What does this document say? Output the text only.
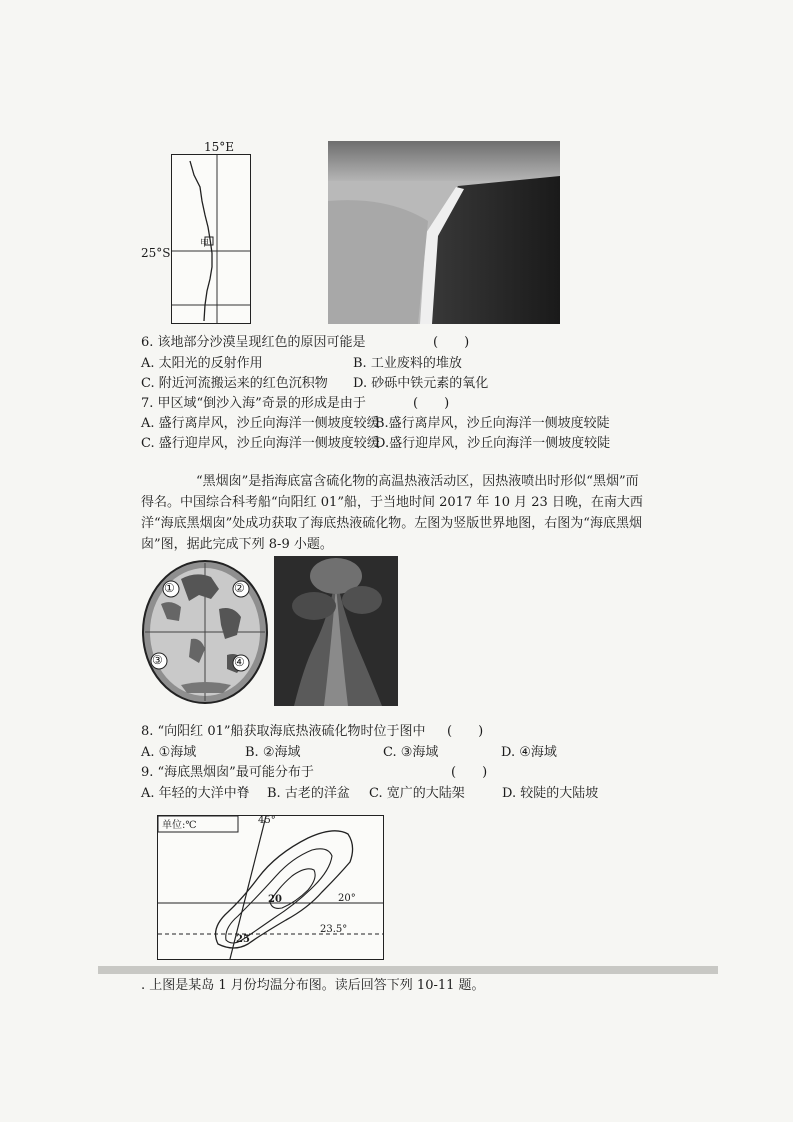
15°E
25°S
甲
6. 该地部分沙漠呈现红色的原因可能是	(　　)
A. 太阳光的反射作用	B. 工业废料的堆放
C. 附近河流搬运来的红色沉积物 D. 砂砾中铁元素的氧化
7. 甲区域“倒沙入海”奇景的形成是由于	(　　)
A. 盛行离岸风，沙丘向海洋一侧坡度较缓
B.盛行离岸风，沙丘向海洋一侧坡度较陡
C. 盛行迎岸风，沙丘向海洋一侧坡度较缓
D.盛行迎岸风，沙丘向海洋一侧坡度较陡
“黑烟囱”是指海底富含硫化物的高温热液活动区，因热液喷出时形似“黑烟”而
得名。中国综合科考船“向阳红 01”船，于当地时间 2017 年 10 月 23 日晚，在南大西
洋“海底黑烟囱”处成功获取了海底热液硫化物。左图为竖版世界地图，右图为“海底黑烟
囱”图，据此完成下列 8-9 小题。
①	②
③	④
8. “向阳红 01”船获取海底热液硫化物时位于图中 (　　)
A. ①海域	B. ②海域	C. ③海域	D. ④海域
9. “海底黑烟囱”最可能分布于	(　　)
A. 年轻的大洋中脊 B. 古老的洋盆 C. 宽广的大陆架	D. 较陡的大陆坡
单位:℃	45°
20
25
20°
23.5°
. 上图是某岛 1 月份均温分布图。读后回答下列 10-11 题。
